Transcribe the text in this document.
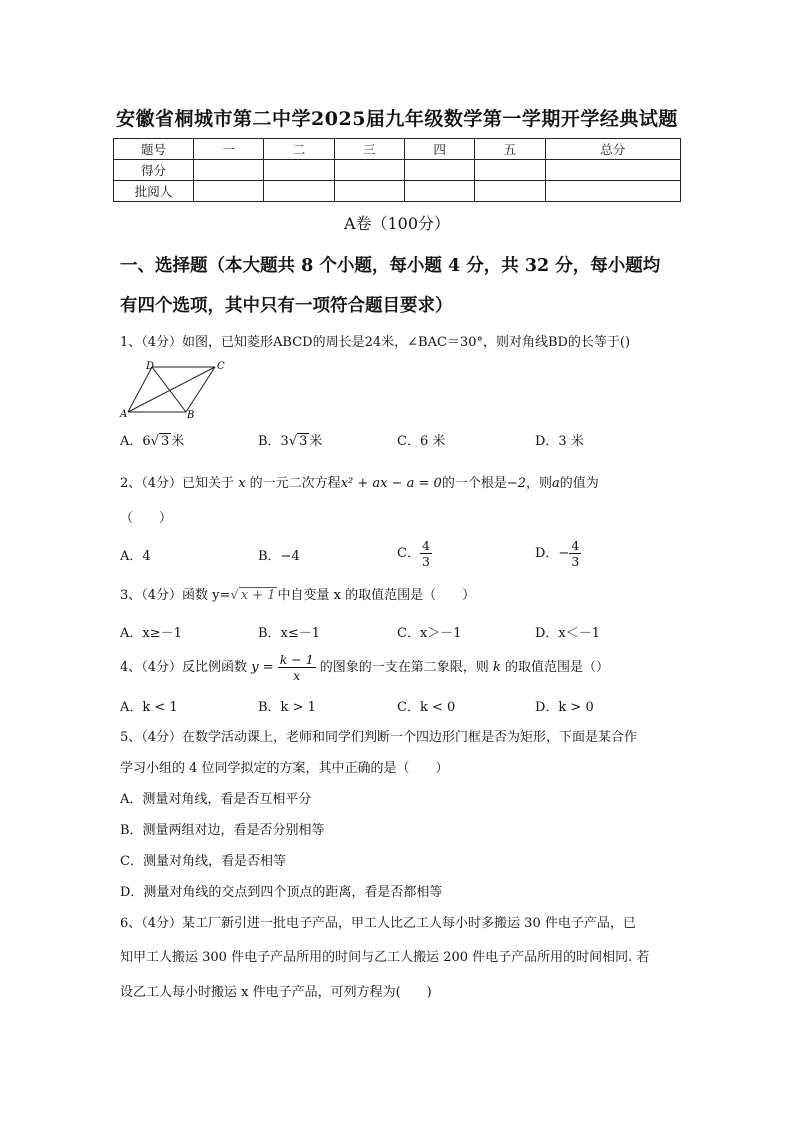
安徽省桐城市第二中学2025届九年级数学第一学期开学经典试题
题号	一	二	三	四	五	总分
得分						
批阅人						
A卷（100分）
一、选择题（本大题共 8 个小题，每小题 4 分，共 32 分，每小题均
有四个选项，其中只有一项符合题目要求）
1、（4分）如图，已知菱形ABCD的周长是24米，∠BAC＝30°，则对角线BD的长等于()
A	B
C
D
A．6√ 3 米	B．3√ 3 米	C．6 米	D．3 米
2、（4分）已知关于 x 的一元二次方程x² + ax − a = 0的一个根是−2，则a的值为
（　　）
A．4	B．−4	C． $\frac{4}{3}$	D．− $\frac{4}{3}$
3、（4分）函数 y=√ x + 1 中自变量 x 的取值范围是（　　）
A．x≥－1	B．x≤－1	C．x＞－1	D．x＜－1
4、（4分）反比例函数 $y = \frac{k - 1}{x}$ 的图象的一支在第二象限，则 k 的取值范围是（）
A．k < 1	B．k > 1	C．k < 0	D．k > 0
5、（4分）在数学活动课上，老师和同学们判断一个四边形门框是否为矩形，下面是某合作
学习小组的 4 位同学拟定的方案，其中正确的是（　　）
A．测量对角线，看是否互相平分
B．测量两组对边，看是否分别相等
C．测量对角线，看是否相等
D．测量对角线的交点到四个顶点的距离，看是否都相等
6、（4分）某工厂新引进一批电子产品，甲工人比乙工人每小时多搬运 30 件电子产品，已
知甲工人搬运 300 件电子产品所用的时间与乙工人搬运 200 件电子产品所用的时间相同. 若
设乙工人每小时搬运 x 件电子产品，可列方程为(　　)
